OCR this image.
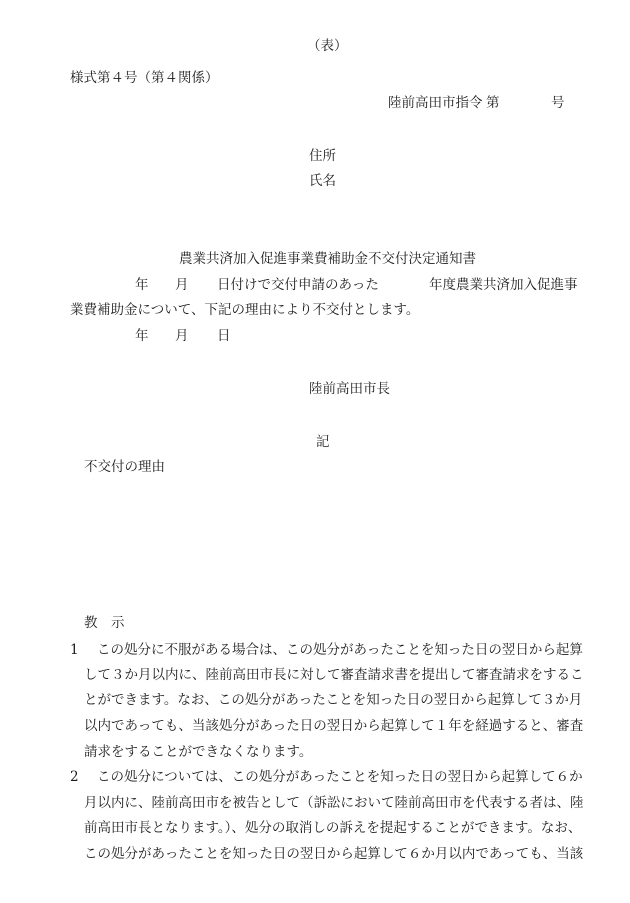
（表）
様式第４号（第４関係）
陸前高田市指令 第	号
住所
氏名
農業共済加入促進事業費補助金不交付決定通知書
年 月 日付けで交付申請のあった	年度農業共済加入促進事
業費補助金について、下記の理由により不交付とします。
年 月 日
陸前高田市長
記
不交付の理由
教　示
1 この処分に不服がある場合は、この処分があったことを知った日の翌日から起算
して３か月以内に、陸前高田市長に対して審査請求書を提出して審査請求をするこ
とができます。なお、この処分があったことを知った日の翌日から起算して３か月
以内であっても、当該処分があった日の翌日から起算して１年を経過すると、審査
請求をすることができなくなります。
2 この処分については、この処分があったことを知った日の翌日から起算して６か
月以内に、陸前高田市を被告として（訴訟において陸前高田市を代表する者は、陸
前高田市長となります。）、処分の取消しの訴えを提起することができます。なお、
この処分があったことを知った日の翌日から起算して６か月以内であっても、当該
